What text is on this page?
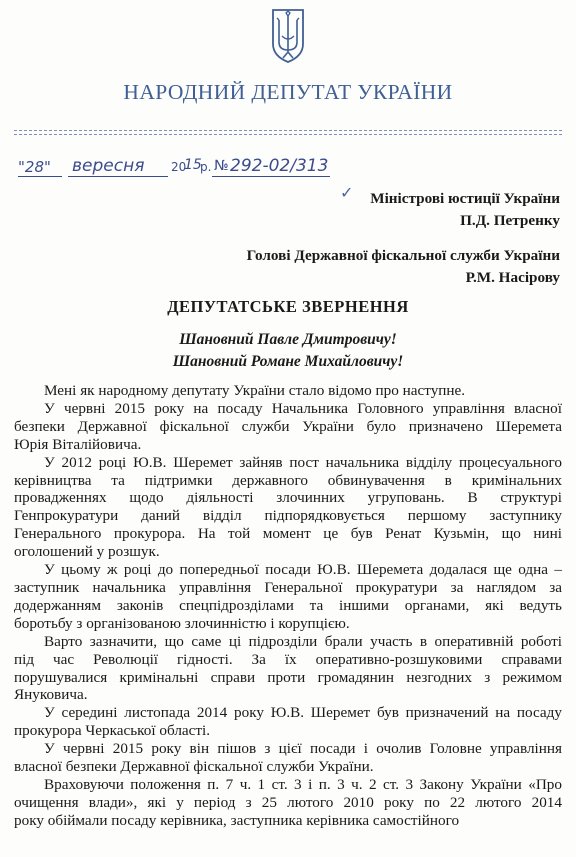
НАРОДНИЙ ДЕПУТАТ УКРАЇНИ
"28" вересня 20
15
р. № 292-02/313
✓ Міністрові юстиції України
П.Д. Петренку
Голові Державної фіскальної служби України
Р.М. Насірову
ДЕПУТАТСЬКЕ ЗВЕРНЕННЯ
Шановний Павле Дмитровичу!
Шановний Романе Михайловичу!

Мені як народному депутату України стало відомо про наступне.

У червні 2015 року на посаду Начальника Головного управління власної
безпеки Державної фіскальної служби України було призначено Шеремета
Юрія Віталійовича.

У 2012 році Ю.В. Шеремет зайняв пост начальника відділу процесуального
керівництва та підтримки державного обвинувачення в кримінальних
провадженнях щодо діяльності злочинних угруповань. В структурі
Генпрокуратури даний відділ підпорядковується першому заступнику
Генерального прокурора. На той момент це був Ренат Кузьмін, що нині
оголошений у розшук.

У цьому ж році до попередньої посади Ю.В. Шеремета додалася ще одна –
заступник начальника управління Генеральної прокуратури за наглядом за
додержанням законів спецпідрозділами та іншими органами, які ведуть
боротьбу з організованою злочинністю і корупцією.

Варто зазначити, що саме ці підрозділи брали участь в оперативній роботі
під час Революції гідності. За їх оперативно-розшуковими справами
порушувалися кримінальні справи проти громадянин незгодних з режимом
Януковича.

У середині листопада 2014 року Ю.В. Шеремет був призначений на посаду
прокурора Черкаської області.

У червні 2015 року він пішов з цієї посади і очолив Головне управління
власної безпеки Державної фіскальної служби України.

Враховуючи положення п. 7 ч. 1 ст. 3 і п. 3 ч. 2 ст. 3 Закону України «Про
очищення влади», які у період з 25 лютого 2010 року по 22 лютого 2014
року обіймали посаду керівника, заступника керівника самостійного
